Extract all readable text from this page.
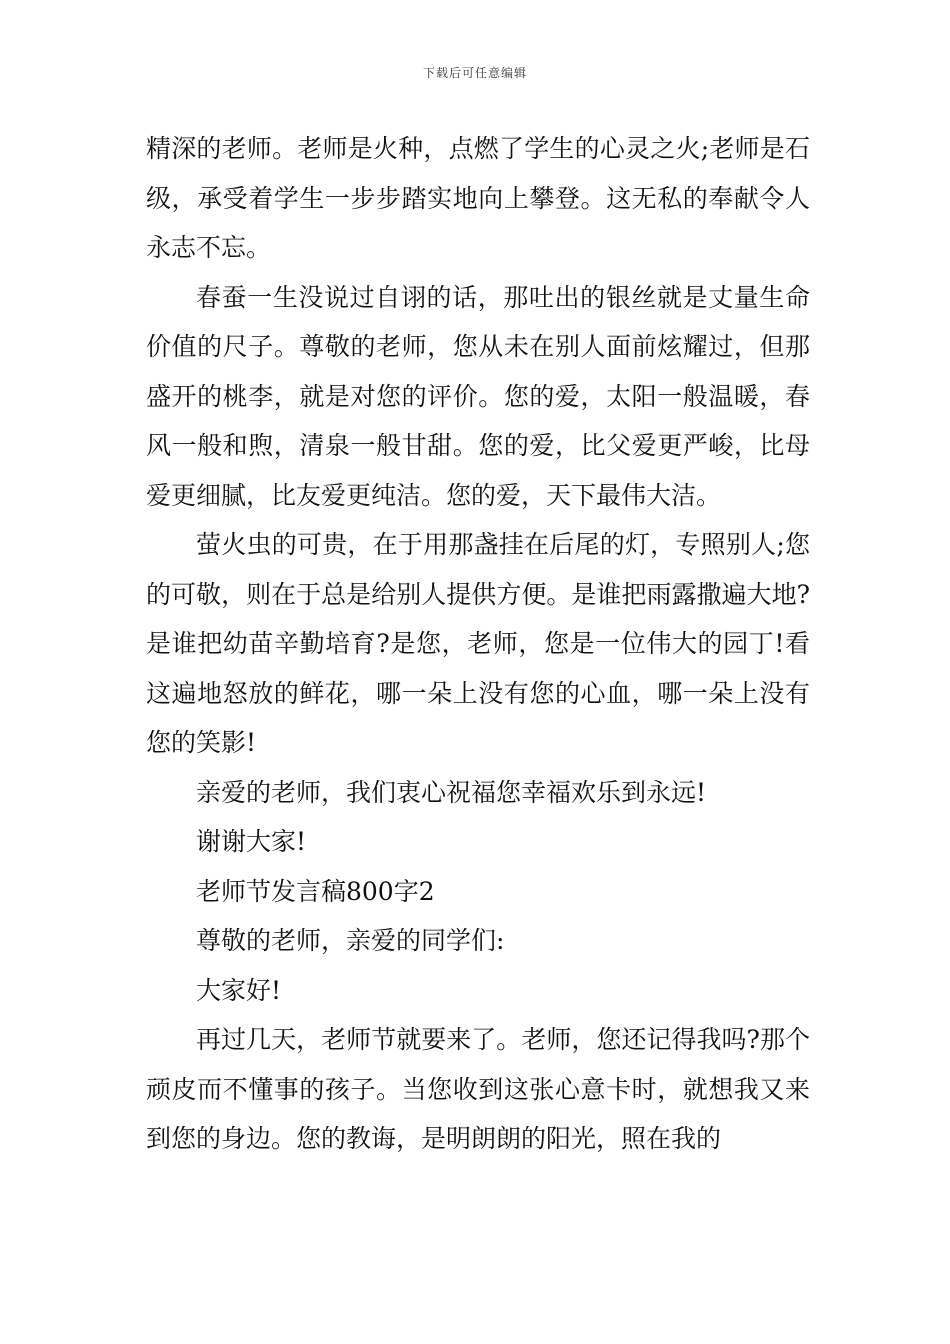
下载后可任意编辑

精深的老师。老师是火种，点燃了学生的心灵之火;老师是石级，承受着学生一步步踏实地向上攀登。这无私的奉献令人永志不忘。

春蚕一生没说过自诩的话，那吐出的银丝就是丈量生命价值的尺子。尊敬的老师，您从未在别人面前炫耀过，但那盛开的桃李，就是对您的评价。您的爱，太阳一般温暖，春风一般和煦，清泉一般甘甜。您的爱，比父爱更严峻，比母爱更细腻，比友爱更纯洁。您的爱，天下最伟大洁。

萤火虫的可贵，在于用那盏挂在后尾的灯，专照别人;您的可敬，则在于总是给别人提供方便。是谁把雨露撒遍大地?是谁把幼苗辛勤培育?是您，老师，您是一位伟大的园丁!看这遍地怒放的鲜花，哪一朵上没有您的心血，哪一朵上没有您的笑影!

亲爱的老师，我们衷心祝福您幸福欢乐到永远!

谢谢大家!

老师节发言稿800字2

尊敬的老师，亲爱的同学们:

大家好!

再过几天，老师节就要来了。老师，您还记得我吗?那个顽皮而不懂事的孩子。当您收到这张心意卡时，就想我又来到您的身边。您的教诲，是明朗朗的阳光，照在我的
